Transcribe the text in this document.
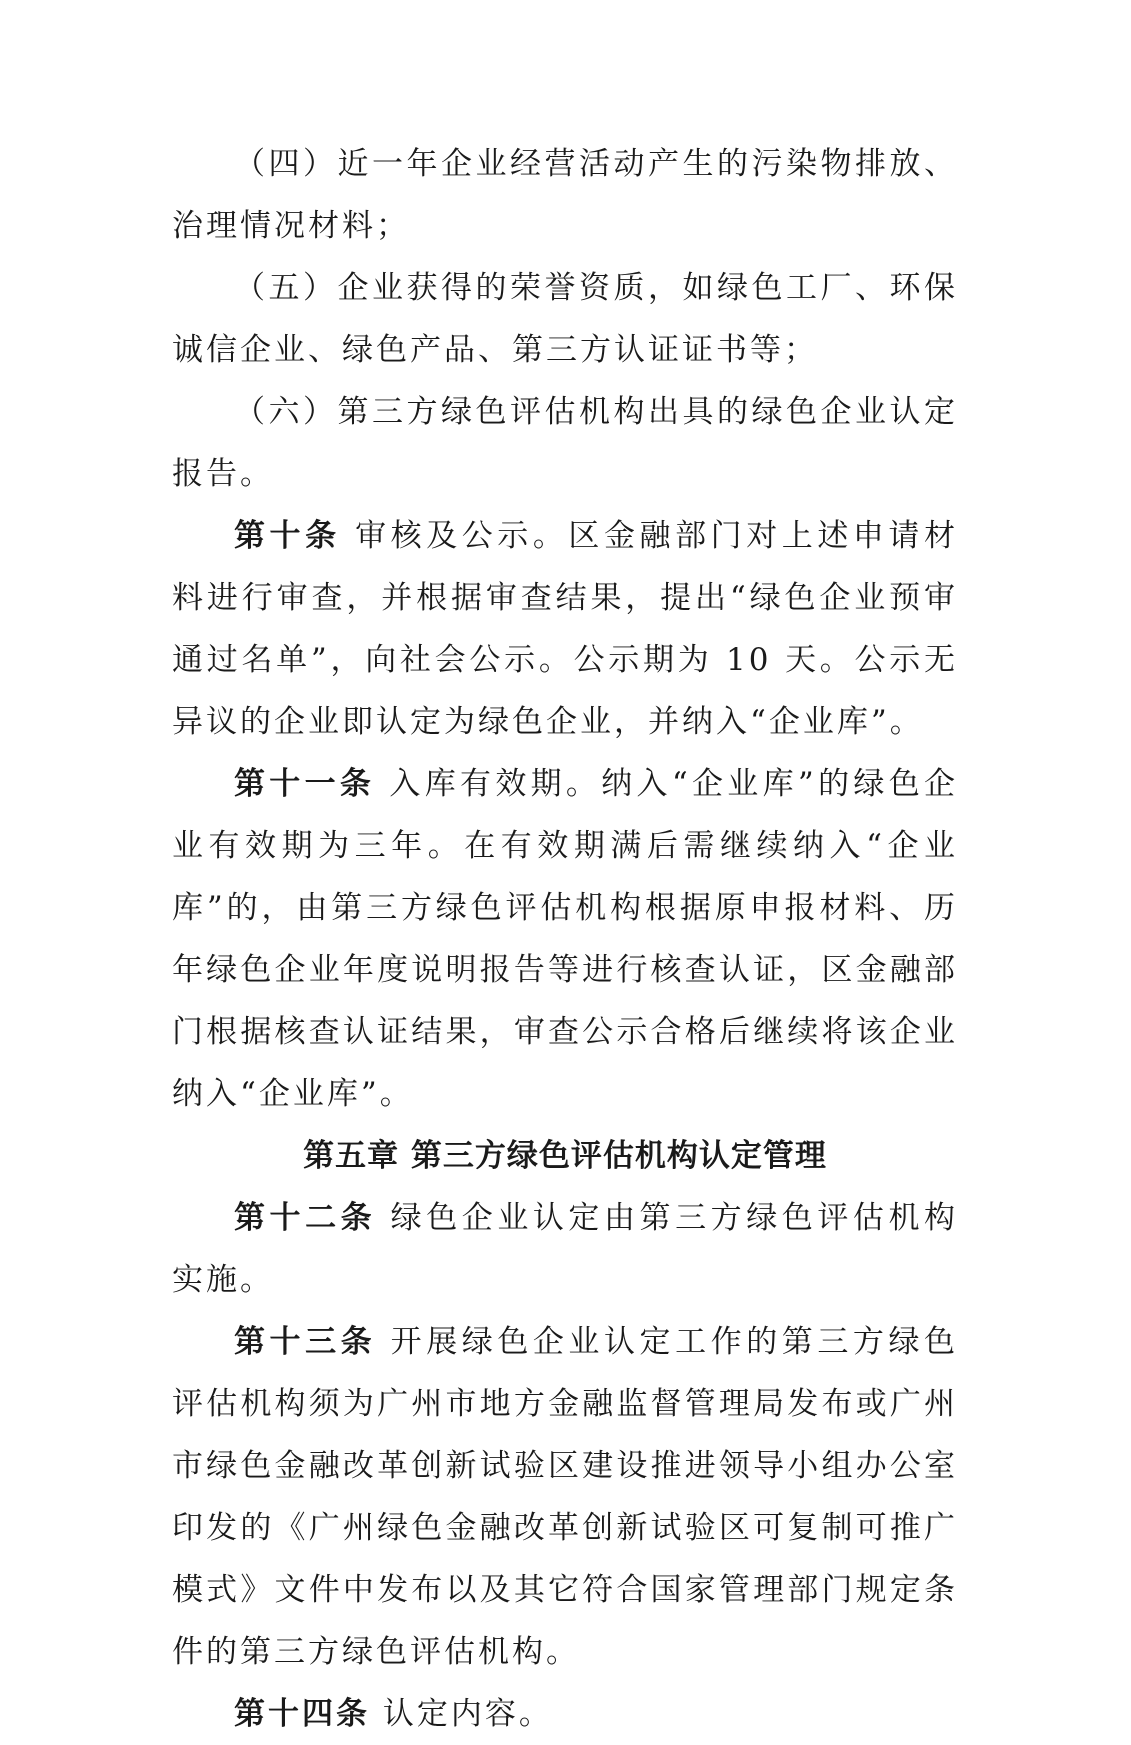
（四）近一年企业经营活动产生的污染物排放、治理情况材料；

（五）企业获得的荣誉资质，如绿色工厂、环保诚信企业、绿色产品、第三方认证证书等；

（六）第三方绿色评估机构出具的绿色企业认定报告。

第十条 审核及公示。区金融部门对上述申请材料进行审查，并根据审查结果，提出“绿色企业预审通过名单”，向社会公示。公示期为 10 天。公示无异议的企业即认定为绿色企业，并纳入“企业库”。

第十一条 入库有效期。纳入“企业库”的绿色企业有效期为三年。在有效期满后需继续纳入“企业库”的，由第三方绿色评估机构根据原申报材料、历年绿色企业年度说明报告等进行核查认证，区金融部门根据核查认证结果，审查公示合格后继续将该企业纳入“企业库”。

第五章 第三方绿色评估机构认定管理

第十二条 绿色企业认定由第三方绿色评估机构实施。

第十三条 开展绿色企业认定工作的第三方绿色评估机构须为广州市地方金融监督管理局发布或广州市绿色金融改革创新试验区建设推进领导小组办公室印发的《广州绿色金融改革创新试验区可复制可推广模式》文件中发布以及其它符合国家管理部门规定条件的第三方绿色评估机构。

第十四条 认定内容。
